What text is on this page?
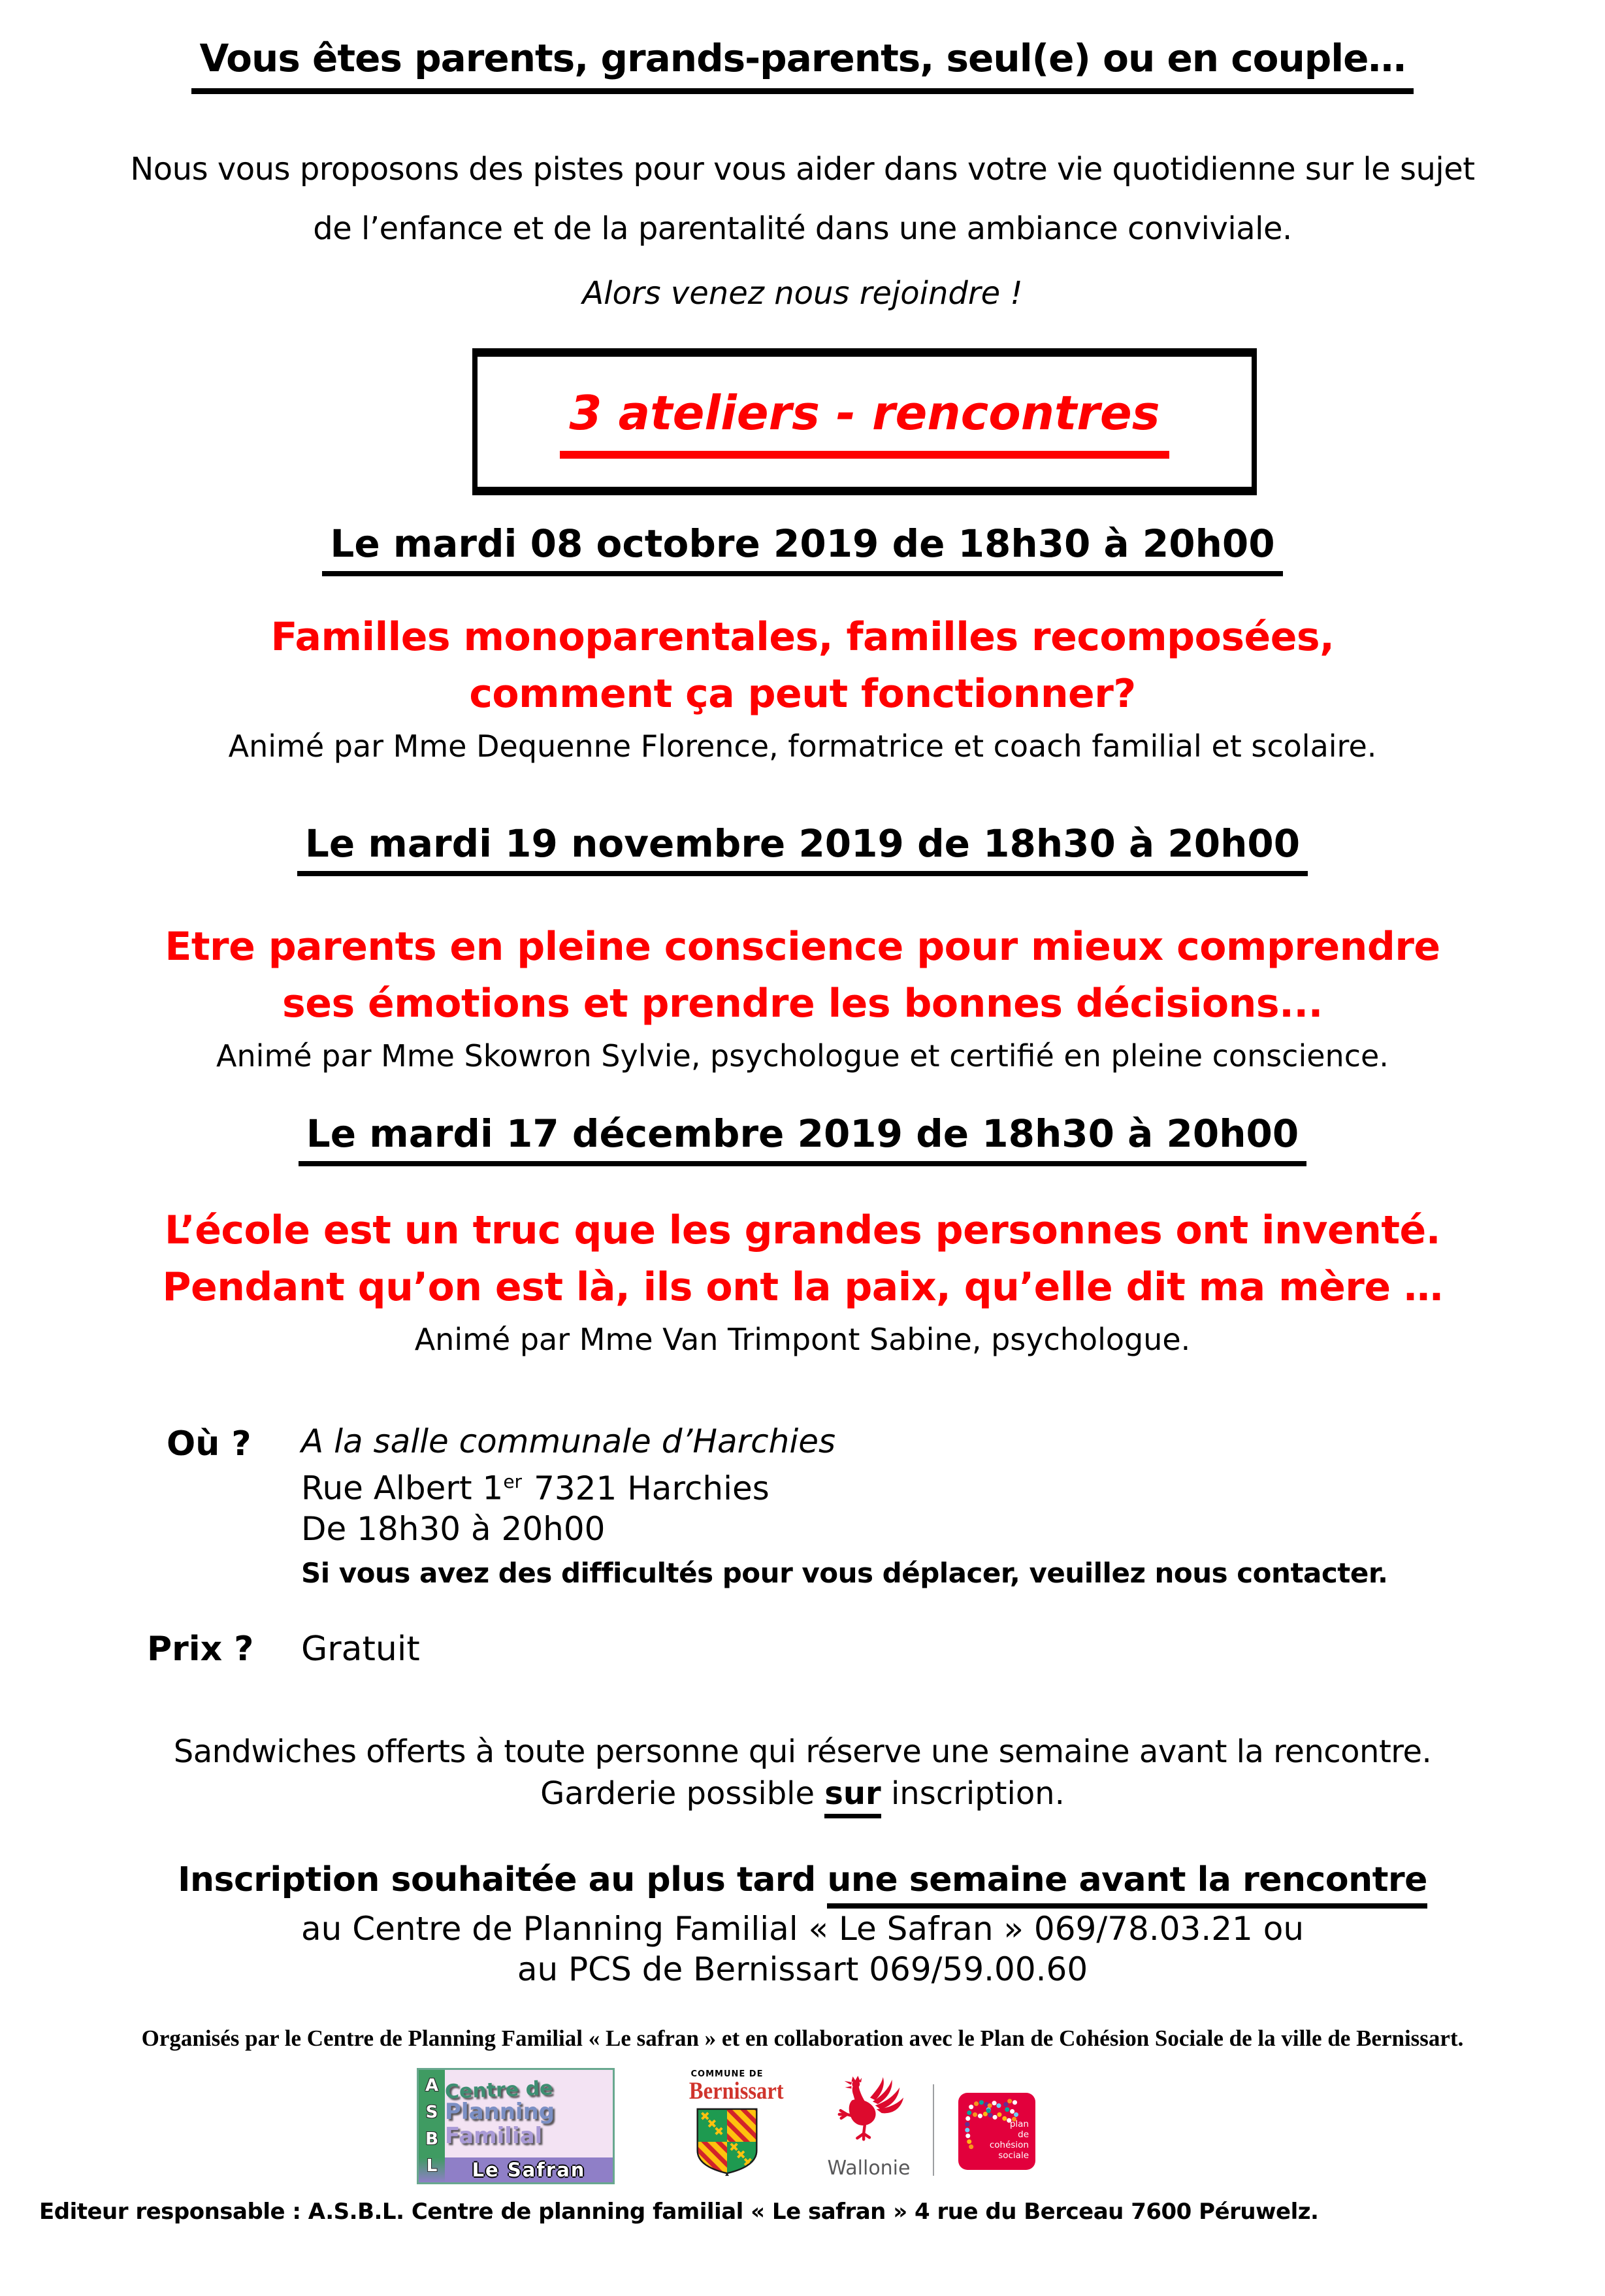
Vous êtes parents, grands-parents, seul(e) ou en couple…

Nous vous proposons des pistes pour vous aider dans votre vie quotidienne sur le sujet
de l’enfance et de la parentalité dans une ambiance conviviale.

Alors venez nous rejoindre !

3 ateliers - rencontres
Le mardi 08 octobre 2019 de 18h30 à 20h00

Familles monoparentales, familles recomposées,
comment ça peut fonctionner?

Animé par Mme Dequenne Florence, formatrice et coach familial et scolaire.

Le mardi 19 novembre 2019 de 18h30 à 20h00

Etre parents en pleine conscience pour mieux comprendre
ses émotions et prendre les bonnes décisions...

Animé par Mme Skowron Sylvie, psychologue et certifié en pleine conscience.

Le mardi 17 décembre 2019 de 18h30 à 20h00

L’école est un truc que les grandes personnes ont inventé.
Pendant qu’on est là, ils ont la paix, qu’elle dit ma mère …

Animé par Mme Van Trimpont Sabine, psychologue.

Où ?	A la salle communale d’Harchies
Rue Albert 1er 7321 Harchies
De 18h30 à 20h00
Si vous avez des difficultés pour vous déplacer, veuillez nous contacter.
Prix ?	Gratuit

Sandwiches offerts à toute personne qui réserve une semaine avant la rencontre.

Garderie possible sur inscription.

Inscription souhaitée au plus tard une semaine avant la rencontre

au Centre de Planning Familial « Le Safran » 069/78.03.21 ou
au PCS de Bernissart 069/59.00.60

Organisés par le Centre de Planning Familial « Le safran » et en collaboration avec le Plan de Cohésion Sociale de la ville de Bernissart.

A
S
B
L
Centre de
Planning
Familial
Le Safran
COMMUNE DE
Bernissart
Wallonie
plan
de
cohésion
sociale

Editeur responsable : A.S.B.L. Centre de planning familial « Le safran » 4 rue du Berceau 7600 Péruwelz.
